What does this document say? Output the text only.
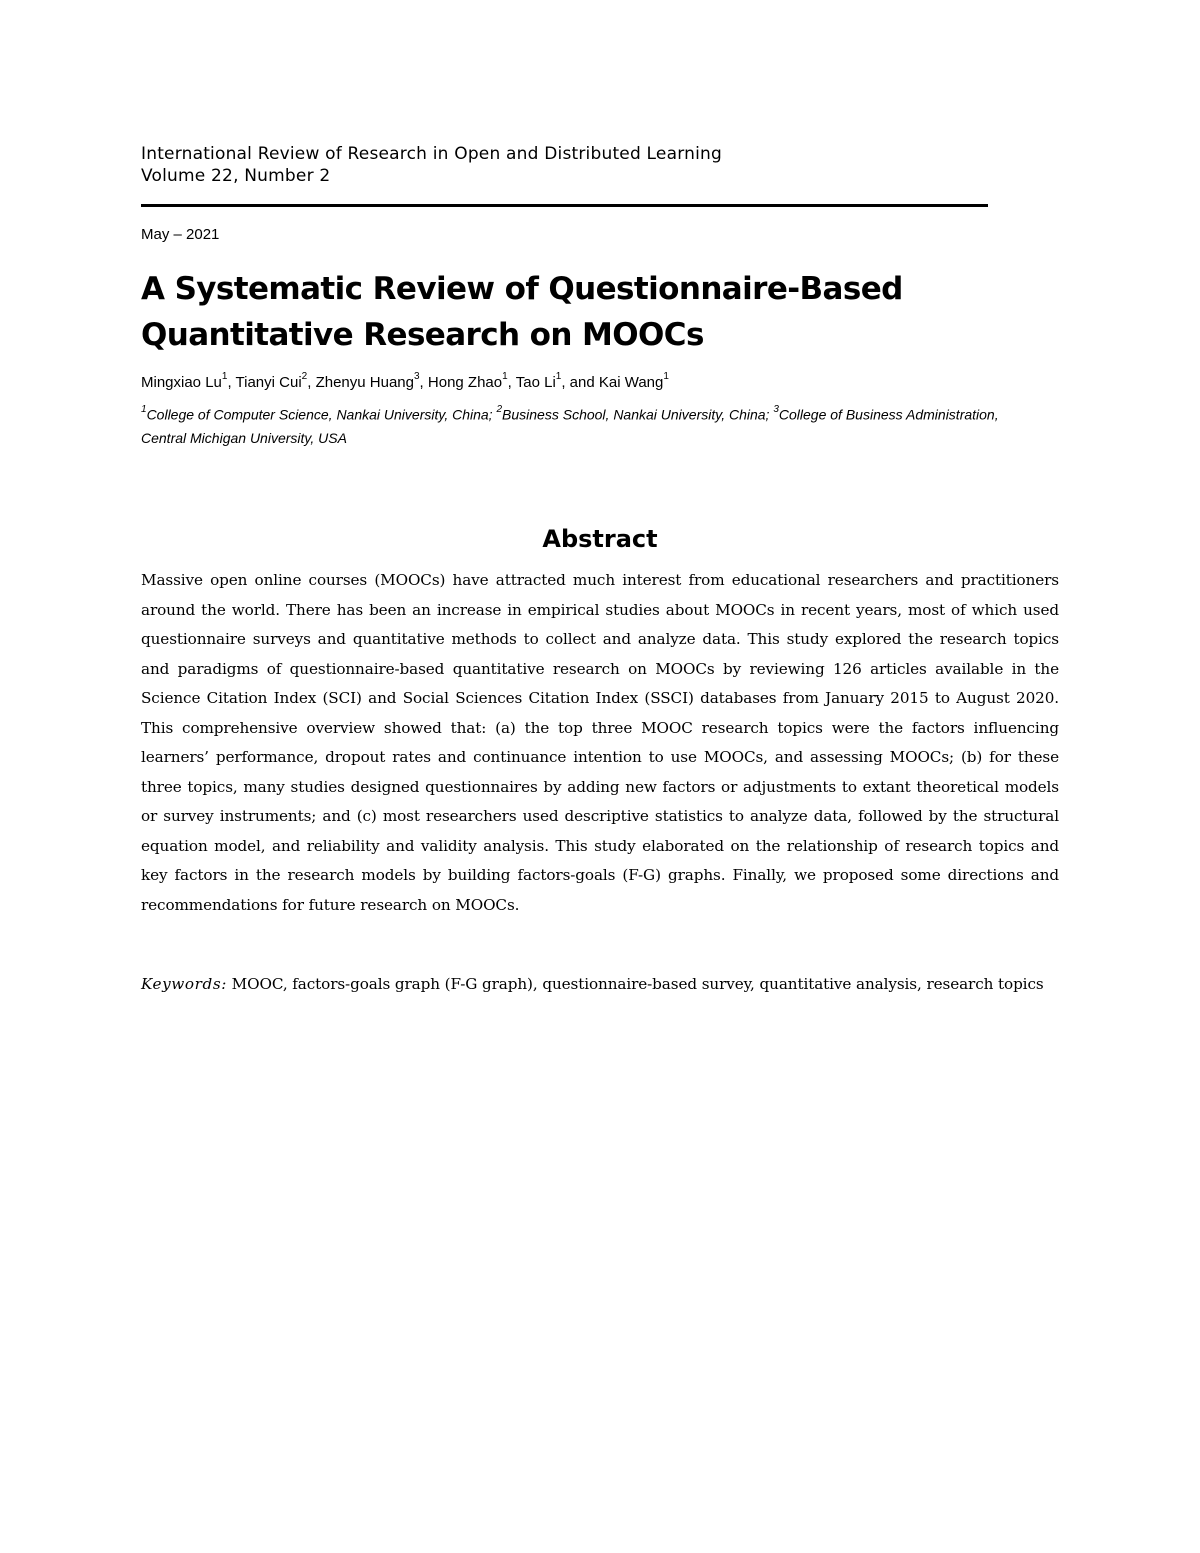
International Review of Research in Open and Distributed Learning
Volume 22, Number 2
May – 2021
A Systematic Review of Questionnaire-Based
Quantitative Research on MOOCs
Mingxiao Lu$^1$, Tianyi Cui$^2$, Zhenyu Huang$^3$, Hong Zhao$^1$, Tao Li$^1$, and Kai Wang$^1$
$^1$College of Computer Science, Nankai University, China; $^2$Business School, Nankai University, China; $^3$College of Business Administration, Central Michigan University, USA
Abstract

Massive open online courses (MOOCs) have attracted much interest from educational researchers and practitioners around the world. There has been an increase in empirical studies about MOOCs in recent years, most of which used questionnaire surveys and quantitative methods to collect and analyze data. This study explored the research topics and paradigms of questionnaire-based quantitative research on MOOCs by reviewing 126 articles available in the Science Citation Index (SCI) and Social Sciences Citation Index (SSCI) databases from January 2015 to August 2020. This comprehensive overview showed that: (a) the top three MOOC research topics were the factors influencing learners’ performance, dropout rates and continuance intention to use MOOCs, and assessing MOOCs; (b) for these three topics, many studies designed questionnaires by adding new factors or adjustments to extant theoretical models or survey instruments; and (c) most researchers used descriptive statistics to analyze data, followed by the structural equation model, and reliability and validity analysis. This study elaborated on the relationship of research topics and key factors in the research models by building factors-goals (F-G) graphs. Finally, we proposed some directions and recommendations for future research on MOOCs.

Keywords: MOOC, factors-goals graph (F-G graph), questionnaire-based survey, quantitative analysis, research topics
